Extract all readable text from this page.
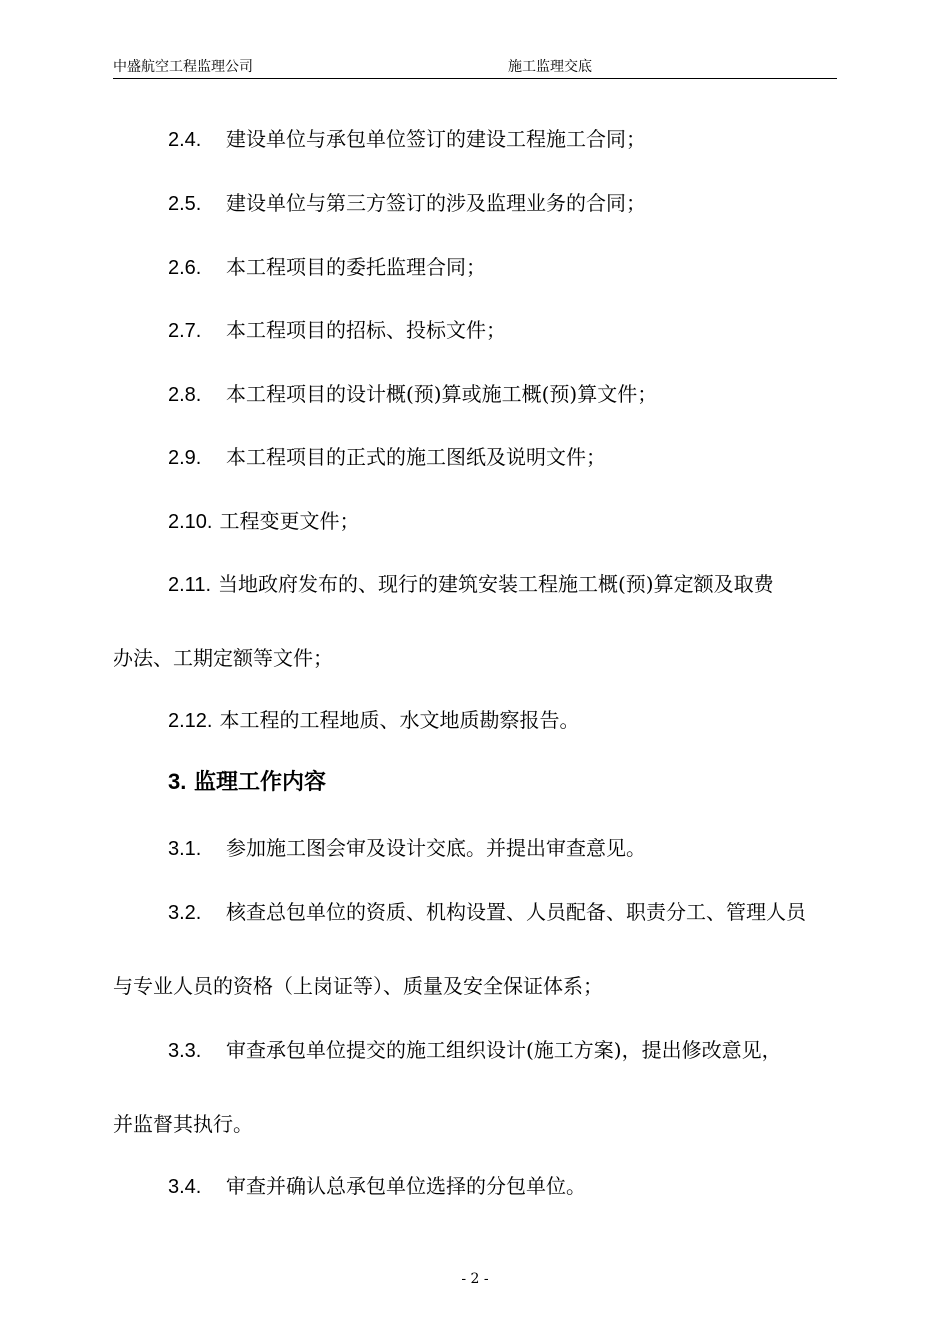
中盛航空工程监理公司	施工监理交底
2.4. 建设单位与承包单位签订的建设工程施工合同；
2.5. 建设单位与第三方签订的涉及监理业务的合同；
2.6. 本工程项目的委托监理合同；
2.7. 本工程项目的招标、投标文件；
2.8. 本工程项目的设计概(预)算或施工概(预)算文件；
2.9. 本工程项目的正式的施工图纸及说明文件；
2.10. 工程变更文件；
2.11. 当地政府发布的、现行的建筑安装工程施工概(预)算定额及取费
办法、工期定额等文件；
2.12. 本工程的工程地质、水文地质勘察报告。
3. 监理工作内容
3.1. 参加施工图会审及设计交底。并提出审查意见。
3.2. 核查总包单位的资质、机构设置、人员配备、职责分工、管理人员
与专业人员的资格（上岗证等）、质量及安全保证体系；
3.3. 审查承包单位提交的施工组织设计(施工方案)，提出修改意见，
并监督其执行。
3.4. 审查并确认总承包单位选择的分包单位。
- 2 -
